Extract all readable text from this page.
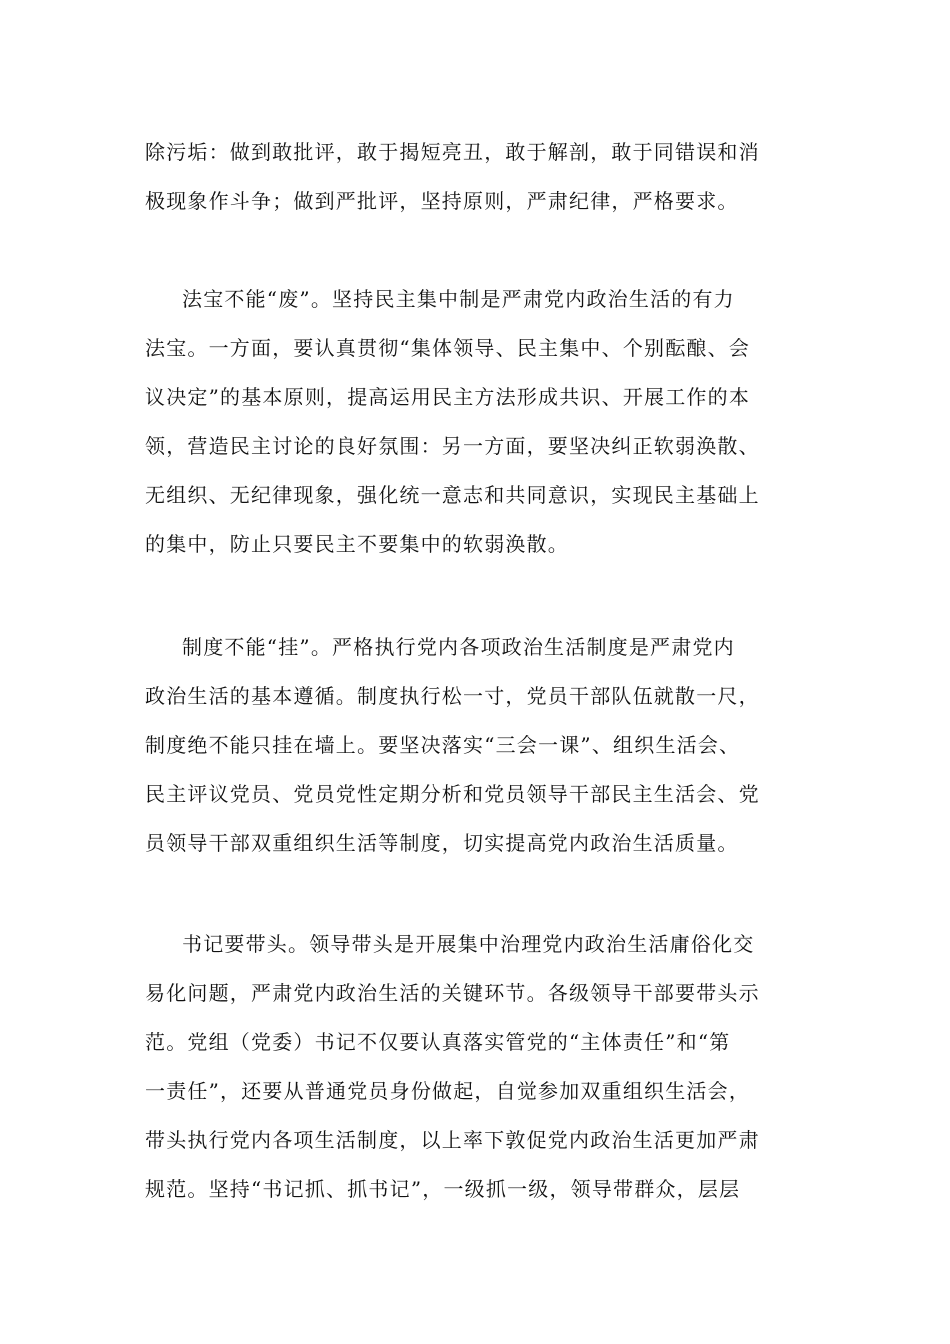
除污垢：做到敢批评，敢于揭短亮丑，敢于解剖，敢于同错误和消
极现象作斗争；做到严批评，坚持原则，严肃纪律，严格要求。
法宝不能“废”。坚持民主集中制是严肃党内政治生活的有力
法宝。一方面，要认真贯彻“集体领导、民主集中、个别酝酿、会
议决定”的基本原则，提高运用民主方法形成共识、开展工作的本
领，营造民主讨论的良好氛围：另一方面，要坚决纠正软弱涣散、
无组织、无纪律现象，强化统一意志和共同意识，实现民主基础上
的集中，防止只要民主不要集中的软弱涣散。
制度不能“挂”。严格执行党内各项政治生活制度是严肃党内
政治生活的基本遵循。制度执行松一寸，党员干部队伍就散一尺，
制度绝不能只挂在墙上。要坚决落实“三会一课”、组织生活会、
民主评议党员、党员党性定期分析和党员领导干部民主生活会、党
员领导干部双重组织生活等制度，切实提高党内政治生活质量。
书记要带头。领导带头是开展集中治理党内政治生活庸俗化交
易化问题，严肃党内政治生活的关键环节。各级领导干部要带头示
范。党组（党委）书记不仅要认真落实管党的“主体责任”和“第
一责任”，还要从普通党员身份做起，自觉参加双重组织生活会，
带头执行党内各项生活制度，以上率下敦促党内政治生活更加严肃
规范。坚持“书记抓、抓书记”，一级抓一级，领导带群众，层层
